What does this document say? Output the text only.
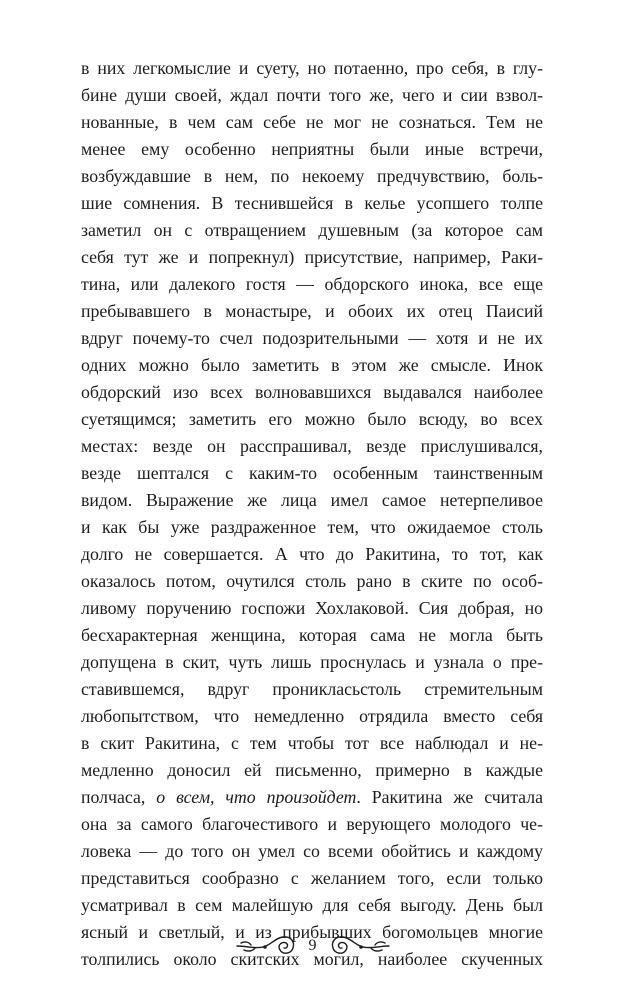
в них легкомыслие и суету, но потаенно, про себя, в глу-
бине души своей, ждал почти того же, чего и сии взвол-
нованные, в чем сам себе не мог не сознаться. Тем не
менее ему особенно неприятны были иные встречи,
возбуждавшие в нем, по некоему предчувствию, боль-
шие сомнения. В теснившейся в келье усопшего толпе
заметил он с отвращением душевным (за которое сам
себя тут же и попрекнул) присутствие, например, Раки-
тина, или далекого гостя — обдорского инока, все еще
пребывавшего в монастыре, и обоих их отец Паисий
вдруг почему-то счел подозрительными — хотя и не их
одних можно было заметить в этом же смысле. Инок
обдорский изо всех волновавшихся выдавался наиболее
суетящимся; заметить его можно было всюду, во всех
местах: везде он расспрашивал, везде прислушивался,
везде шептался с каким-то особенным таинственным
видом. Выражение же лица имел самое нетерпеливое
и как бы уже раздраженное тем, что ожидаемое столь
долго не совершается. А что до Ракитина, то тот, как
оказалось потом, очутился столь рано в ските по особ-
ливому поручению госпожи Хохлаковой. Сия добрая, но
бесхарактерная женщина, которая сама не могла быть
допущена в скит, чуть лишь проснулась и узнала о пре-
ставившемся, вдруг проникласьстоль стремительным
любопытством, что немедленно отрядила вместо себя
в скит Ракитина, с тем чтобы тот все наблюдал и не-
медленно доносил ей письменно, примерно в каждые
полчаса, о всем, что произойдет. Ракитина же считала
она за самого благочестивого и верующего молодого че-
ловека — до того он умел со всеми обойтись и каждому
представиться сообразно с желанием того, если только
усматривал в сем малейшую для себя выгоду. День был
ясный и светлый, и из прибывших богомольцев многие
толпились около скитских могил, наиболее скученных
9
